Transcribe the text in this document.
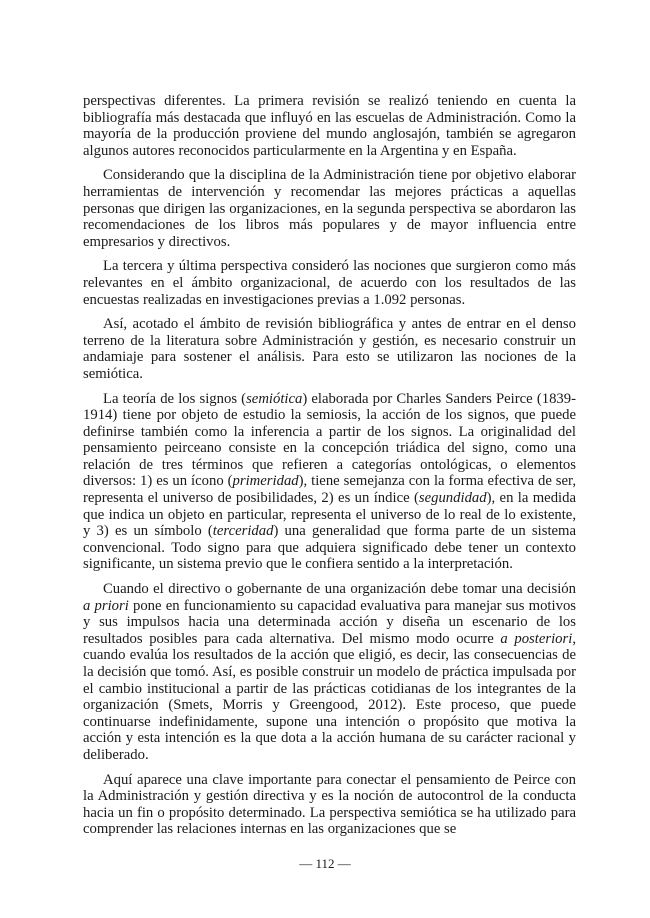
perspectivas diferentes. La primera revisión se realizó teniendo en cuenta la bibliografía más destacada que influyó en las escuelas de Administración. Como la mayoría de la producción proviene del mundo anglosajón, también se agregaron algunos autores reconocidos particularmente en la Argentina y en España.

Considerando que la disciplina de la Administración tiene por objetivo elaborar herramientas de intervención y recomendar las mejores prácticas a aquellas personas que dirigen las organizaciones, en la segunda perspectiva se abordaron las recomendaciones de los libros más populares y de mayor influencia entre empresarios y directivos.

La tercera y última perspectiva consideró las nociones que surgieron como más relevantes en el ámbito organizacional, de acuerdo con los resultados de las encuestas realizadas en investigaciones previas a 1.092 personas.

Así, acotado el ámbito de revisión bibliográfica y antes de entrar en el denso terreno de la literatura sobre Administración y gestión, es necesario construir un andamiaje para sostener el análisis. Para esto se utilizaron las nociones de la semiótica.

La teoría de los signos (semiótica) elaborada por Charles Sanders Peirce (1839-1914) tiene por objeto de estudio la semiosis, la acción de los signos, que puede definirse también como la inferencia a partir de los signos. La originalidad del pensamiento peirceano consiste en la concepción triádica del signo, como una relación de tres términos que refieren a categorías ontológicas, o elementos diversos: 1) es un ícono (primeridad), tiene semejanza con la forma efectiva de ser, representa el universo de posibilidades, 2) es un índice (segundidad), en la medida que indica un objeto en particular, representa el universo de lo real de lo existente, y 3) es un símbolo (terceridad) una generalidad que forma parte de un sistema convencional. Todo signo para que adquiera significado debe tener un contexto significante, un sistema previo que le confiera sentido a la interpretación.

Cuando el directivo o gobernante de una organización debe tomar una decisión a priori pone en funcionamiento su capacidad evaluativa para manejar sus motivos y sus impulsos hacia una determinada acción y diseña un escenario de los resultados posibles para cada alternativa. Del mismo modo ocurre a posteriori, cuando evalúa los resultados de la acción que eligió, es decir, las consecuencias de la decisión que tomó. Así, es posible construir un modelo de práctica impulsada por el cambio institucional a partir de las prácticas cotidianas de los integrantes de la organización (Smets, Morris y Greengood, 2012). Este proceso, que puede continuarse indefinidamente, supone una intención o propósito que motiva la acción y esta intención es la que dota a la acción humana de su carácter racional y deliberado.

Aquí aparece una clave importante para conectar el pensamiento de Peirce con la Administración y gestión directiva y es la noción de autocontrol de la conducta hacia un fin o propósito determinado. La perspectiva semiótica se ha utilizado para comprender las relaciones internas en las organizaciones que se

— 112 —
